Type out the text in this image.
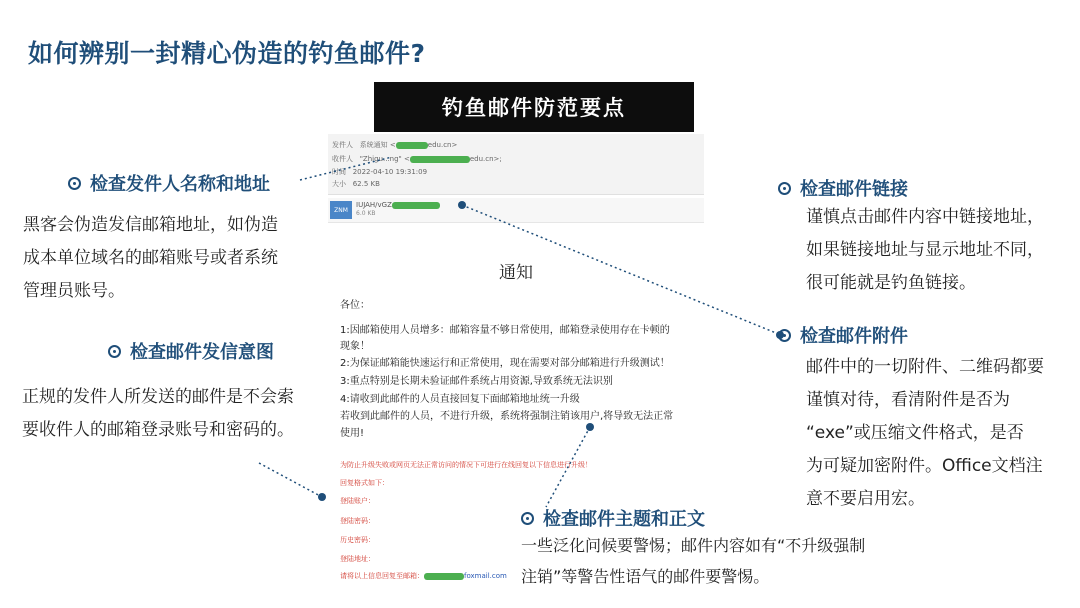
如何辨别一封精心伪造的钓鱼邮件?
钓鱼邮件防范要点
检查发件人名称和地址
黑客会伪造发信邮箱地址，如伪造
成本单位域名的邮箱账号或者系统
管理员账号。
检查邮件发信意图
正规的发件人所发送的邮件是不会索
要收件人的邮箱登录账号和密码的。
检查邮件链接
谨慎点击邮件内容中链接地址，
如果链接地址与显示地址不同，
很可能就是钓鱼链接。
检查邮件附件
邮件中的一切附件、二维码都要
谨慎对待，看清附件是否为
“exe”或压缩文件格式，是否
为可疑加密附件。Office文档注
意不要启用宏。
发件人 系统通知 <	edu.cn>
收件人 "Zhigu...ng" <	edu.cn>;
时间 2022-04-10 19:31:09
大小 62.5 KB
ZNM
IUJAH/vGZ
6.0 KB
通知
各位：
1:因邮箱使用人员增多：邮箱容量不够日常使用，邮箱登录使用存在卡顿的
现象！
2:为保证邮箱能快速运行和正常使用，现在需要对部分邮箱进行升级测试！
3:重点特别是长期未验证邮件系统占用资源,导致系统无法识别
4:请收到此邮件的人员直接回复下面邮箱地址统一升级
若收到此邮件的人员，不进行升级，系统将强制注销该用户,将导致无法正常
使用!
为防止升级失败或网页无法正常访问的情况下可进行在线回复以下信息进行升级！
回复格式如下：
登陆账户：
登陆密码：
历史密码：
登陆地址：
请将以上信息回复至邮箱：	foxmail.com
检查邮件主题和正文
一些泛化问候要警惕；邮件内容如有“不升级强制
注销”等警告性语气的邮件要警惕。
